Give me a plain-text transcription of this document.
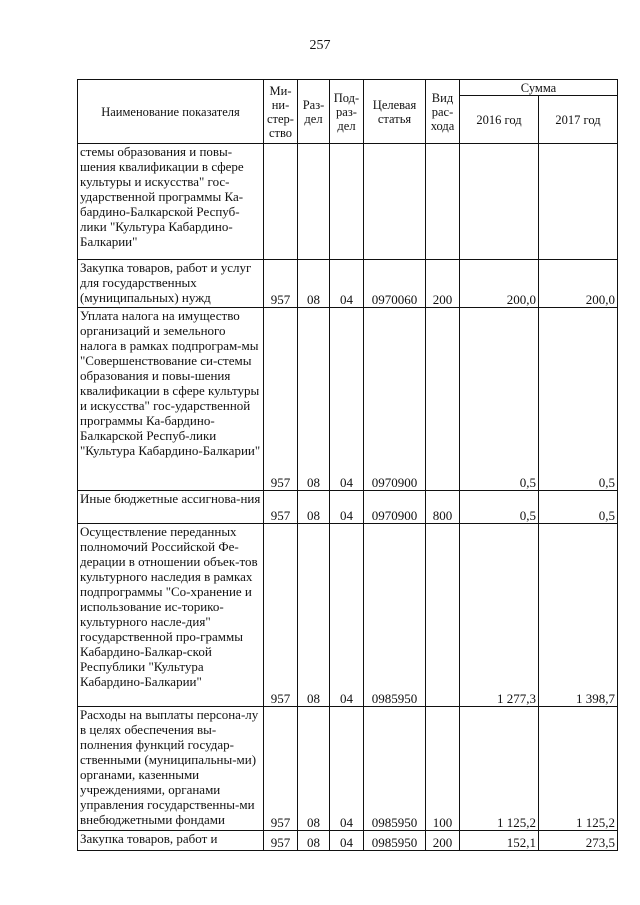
257
Наименование показателя	Ми-ни-стер-ство	Раз-дел	Под-раз-дел	Целевая статья	Вид рас-хода	Сумма	
						2016 год	2017 год
стемы образования и повы-шения квалификации в сфере культуры и искусства" гос-ударственной программы Ка-бардино-Балкарской Респуб-лики "Культура Кабардино-Балкарии"							
Закупка товаров, работ и услуг для государственных (муниципальных) нужд	957	08	04	0970060	200	200,0	200,0
Уплата налога на имущество организаций и земельного налога в рамках подпрограм-мы "Совершенствование си-стемы образования и повы-шения квалификации в сфере культуры и искусства" гос-ударственной программы Ка-бардино-Балкарской Респуб-лики "Культура Кабардино-Балкарии"	957	08	04	0970900		0,5	0,5
Иные бюджетные ассигнова-ния	957	08	04	0970900	800	0,5	0,5
Осуществление переданных полномочий Российской Фе-дерации в отношении объек-тов культурного наследия в рамках подпрограммы "Со-хранение и использование ис-торико-культурного насле-дия" государственной про-граммы Кабардино-Балкар-ской Республики "Культура Кабардино-Балкарии"	957	08	04	0985950		1 277,3	1 398,7
Расходы на выплаты персона-лу в целях обеспечения вы-полнения функций государ-ственными (муниципальны-ми) органами, казенными учреждениями, органами управления государственны-ми внебюджетными фондами	957	08	04	0985950	100	1 125,2	1 125,2
Закупка товаров, работ и	957	08	04	0985950	200	152,1	273,5
